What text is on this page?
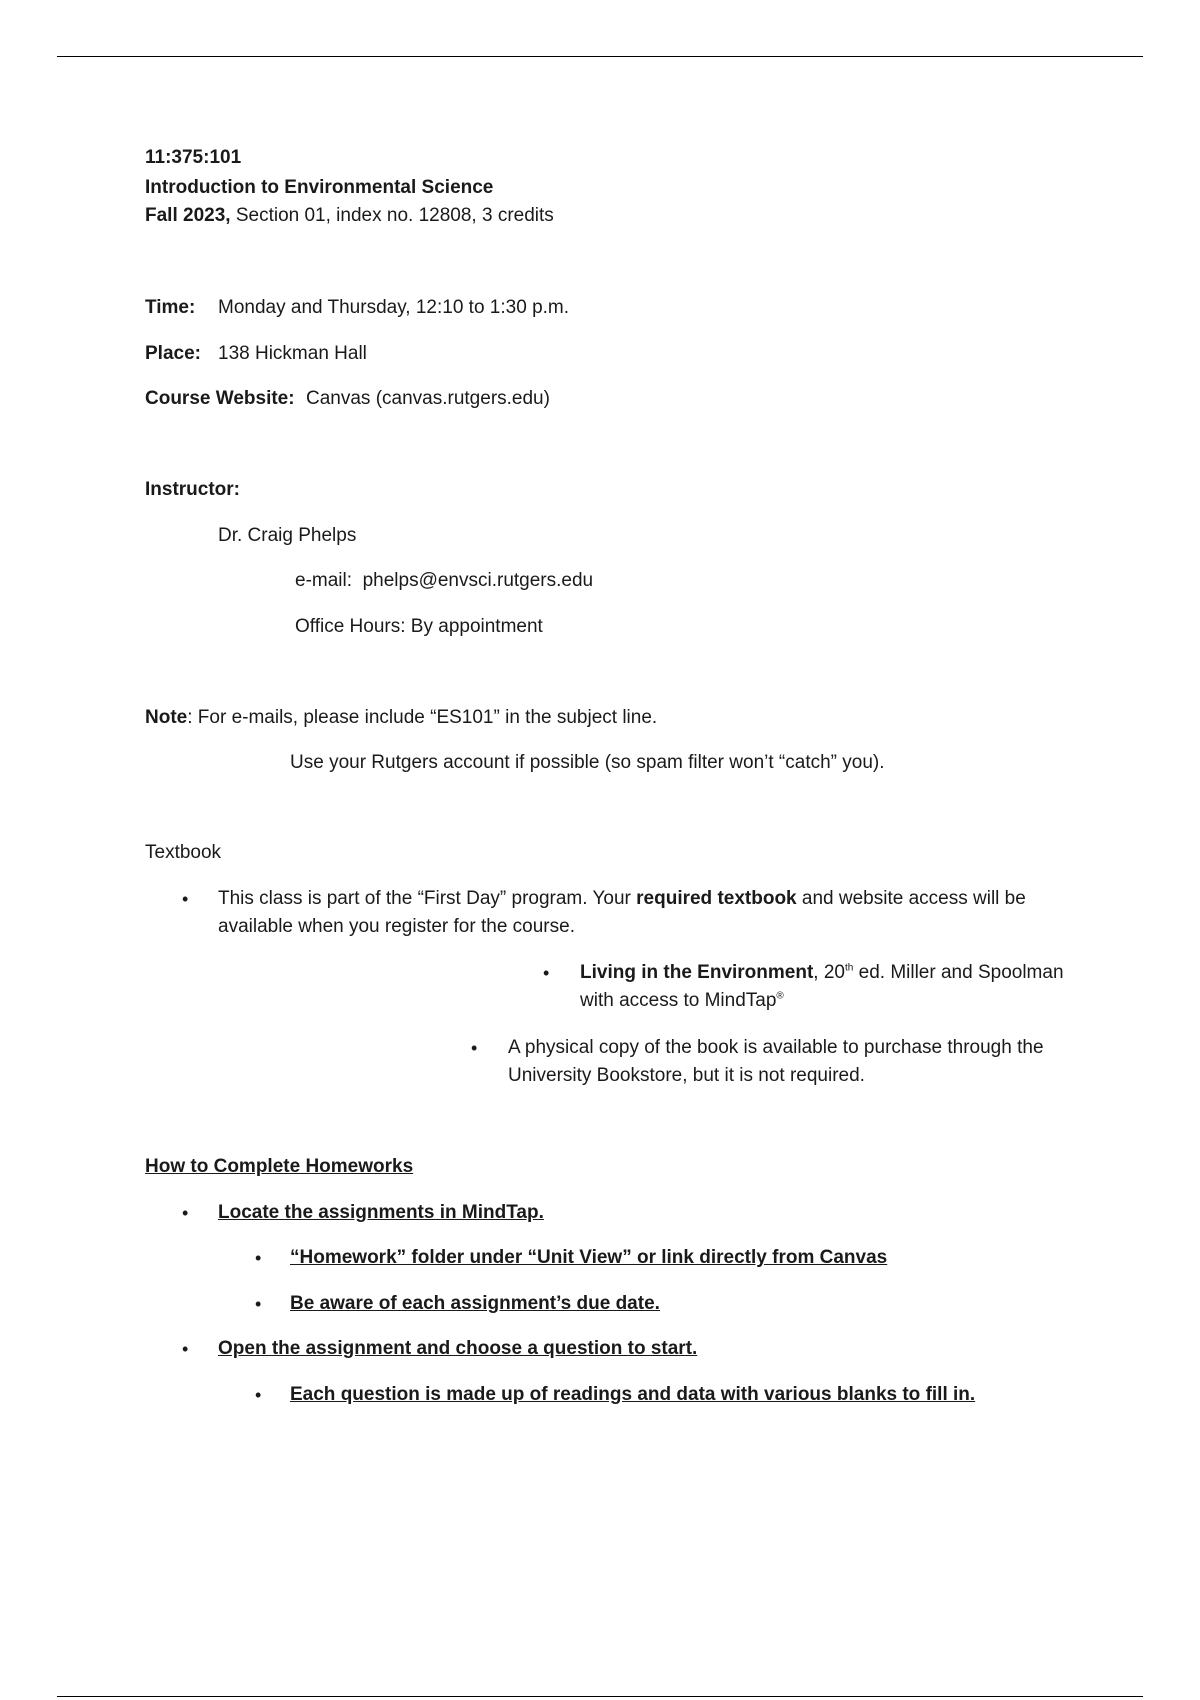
11:375:101
Introduction to Environmental Science
Fall 2023, Section 01, index no. 12808, 3 credits
Time: Monday and Thursday, 12:10 to 1:30 p.m.
Place: 138 Hickman Hall
Course Website: Canvas (canvas.rutgers.edu)
Instructor:
Dr. Craig Phelps
e-mail: phelps@envsci.rutgers.edu
Office Hours: By appointment
Note: For e-mails, please include “ES101” in the subject line.
Use your Rutgers account if possible (so spam filter won’t “catch” you).
Textbook
• This class is part of the “First Day” program. Your required textbook and website access will be
available when you register for the course.
• Living in the Environment, 20th ed. Miller and Spoolman
with access to MindTap®
• A physical copy of the book is available to purchase through the
University Bookstore, but it is not required.
How to Complete Homeworks
• Locate the assignments in MindTap.
• “Homework” folder under “Unit View” or link directly from Canvas
• Be aware of each assignment’s due date.
• Open the assignment and choose a question to start.
• Each question is made up of readings and data with various blanks to fill in.
